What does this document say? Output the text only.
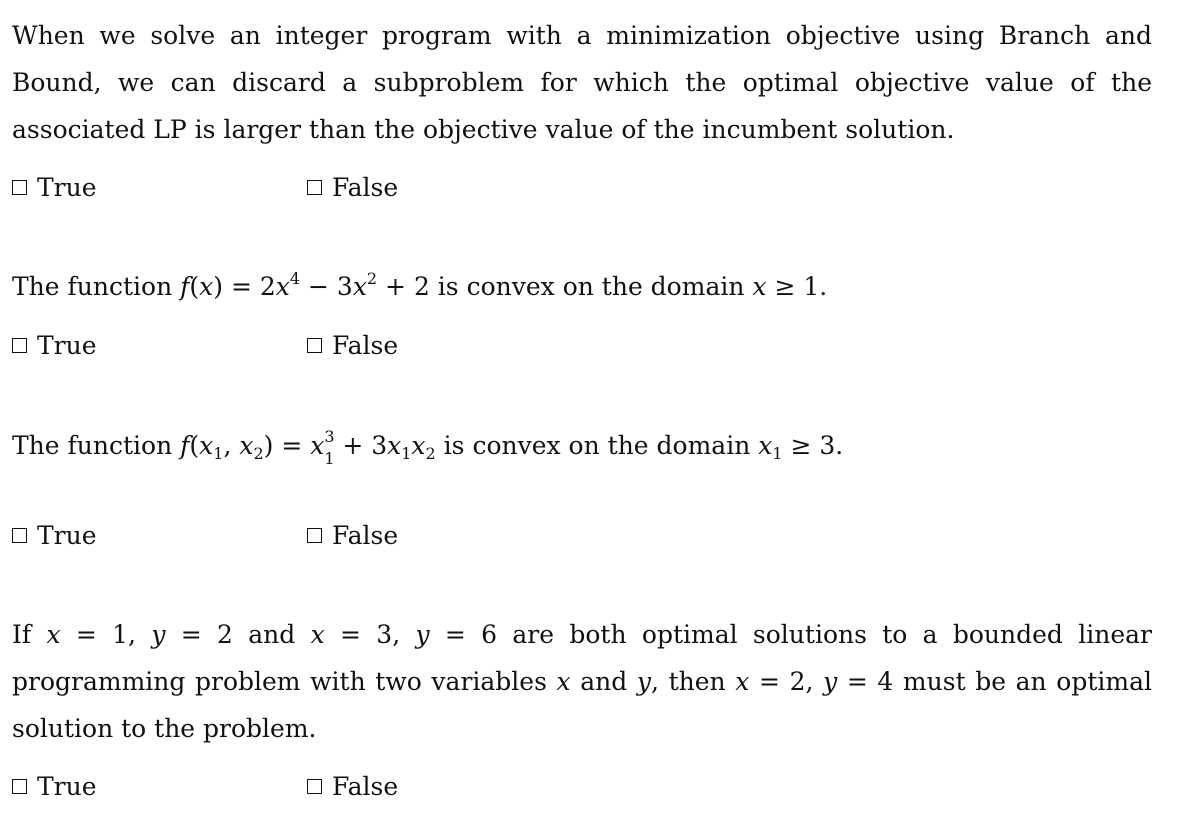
When we solve an integer program with a minimization objective using Branch and Bound, we can discard a subproblem for which the optimal objective value of the associated LP is larger than the objective value of the incumbent solution.

True	False

The function $f(x) = 2x^4 - 3x^2 + 2$ is convex on the domain x ≥ 1.

True	False

The function $f(x_1$, $x_2) = x$ 3
$1 + 3x_1x_2$ is convex on the domain $x_1 \ge 3$.

True	False

If x = 1, y = 2 and x = 3, y = 6 are both optimal solutions to a bounded linear programming problem with two variables x and y, then x = 2, y = 4 must be an optimal solution to the problem.

True	False
